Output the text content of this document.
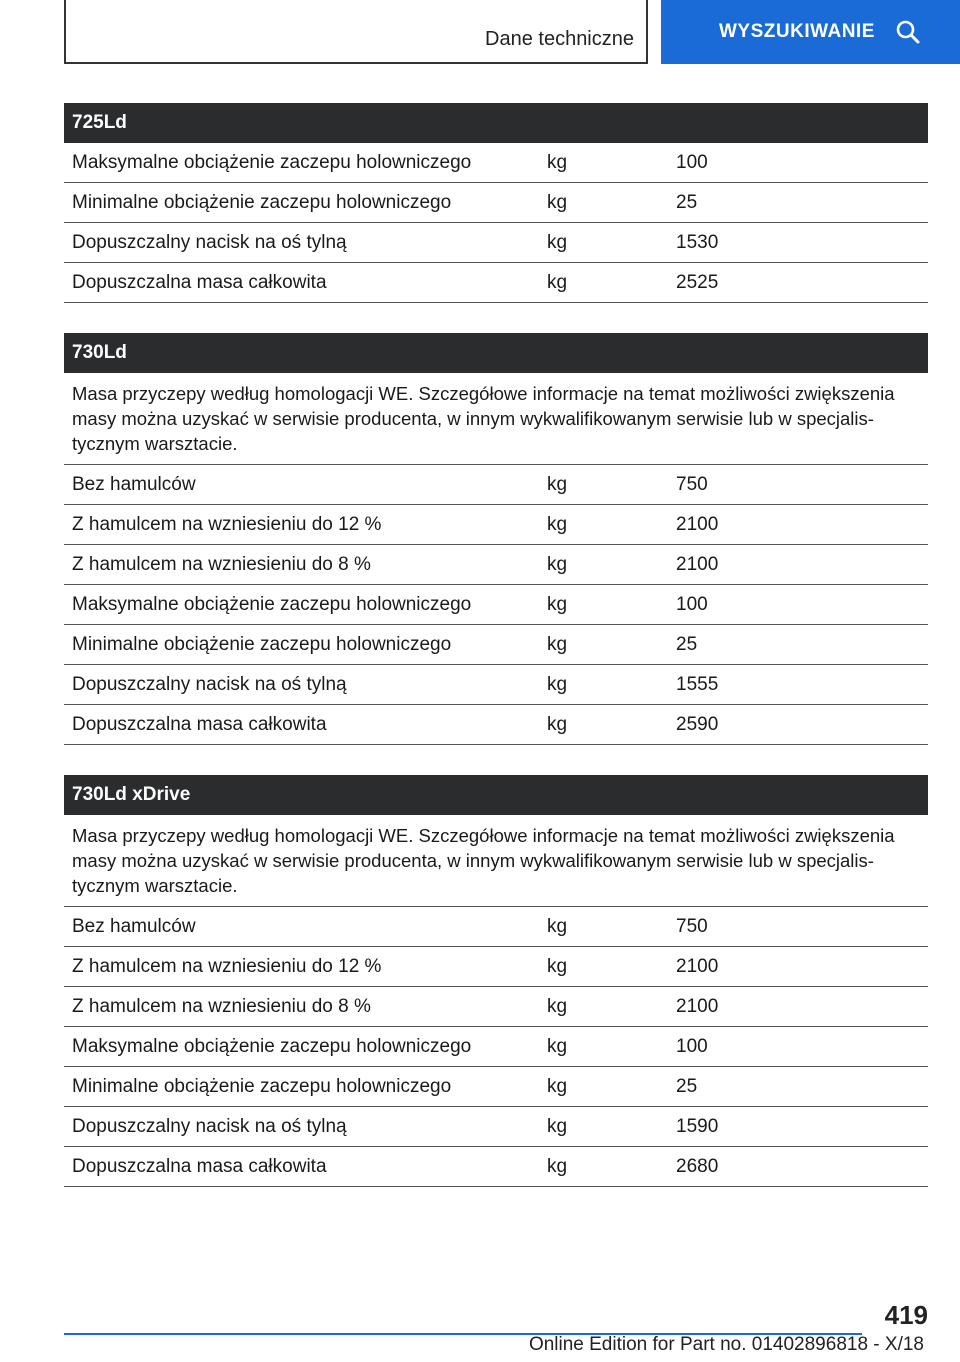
Dane techniczne	WYSZUKIWANIE
725Ld
Maksymalne obciążenie zaczepu holowniczego	kg	100
Minimalne obciążenie zaczepu holowniczego	kg	25
Dopuszczalny nacisk na oś tylną	kg	1530
Dopuszczalna masa całkowita	kg	2525
730Ld
Masa przyczepy według homologacji WE. Szczegółowe informacje na temat możliwości zwiększenia masy można uzyskać w serwisie producenta, w innym wykwalifikowanym serwisie lub w specjalistycznym warsztacie.
Bez hamulców	kg	750
Z hamulcem na wzniesieniu do 12 %	kg	2100
Z hamulcem na wzniesieniu do 8 %	kg	2100
Maksymalne obciążenie zaczepu holowniczego	kg	100
Minimalne obciążenie zaczepu holowniczego	kg	25
Dopuszczalny nacisk na oś tylną	kg	1555
Dopuszczalna masa całkowita	kg	2590
730Ld xDrive
Masa przyczepy według homologacji WE. Szczegółowe informacje na temat możliwości zwiększenia masy można uzyskać w serwisie producenta, w innym wykwalifikowanym serwisie lub w specjalistycznym warsztacie.
Bez hamulców	kg	750
Z hamulcem na wzniesieniu do 12 %	kg	2100
Z hamulcem na wzniesieniu do 8 %	kg	2100
Maksymalne obciążenie zaczepu holowniczego	kg	100
Minimalne obciążenie zaczepu holowniczego	kg	25
Dopuszczalny nacisk na oś tylną	kg	1590
Dopuszczalna masa całkowita	kg	2680
419
Online Edition for Part no. 01402896818 - X/18
